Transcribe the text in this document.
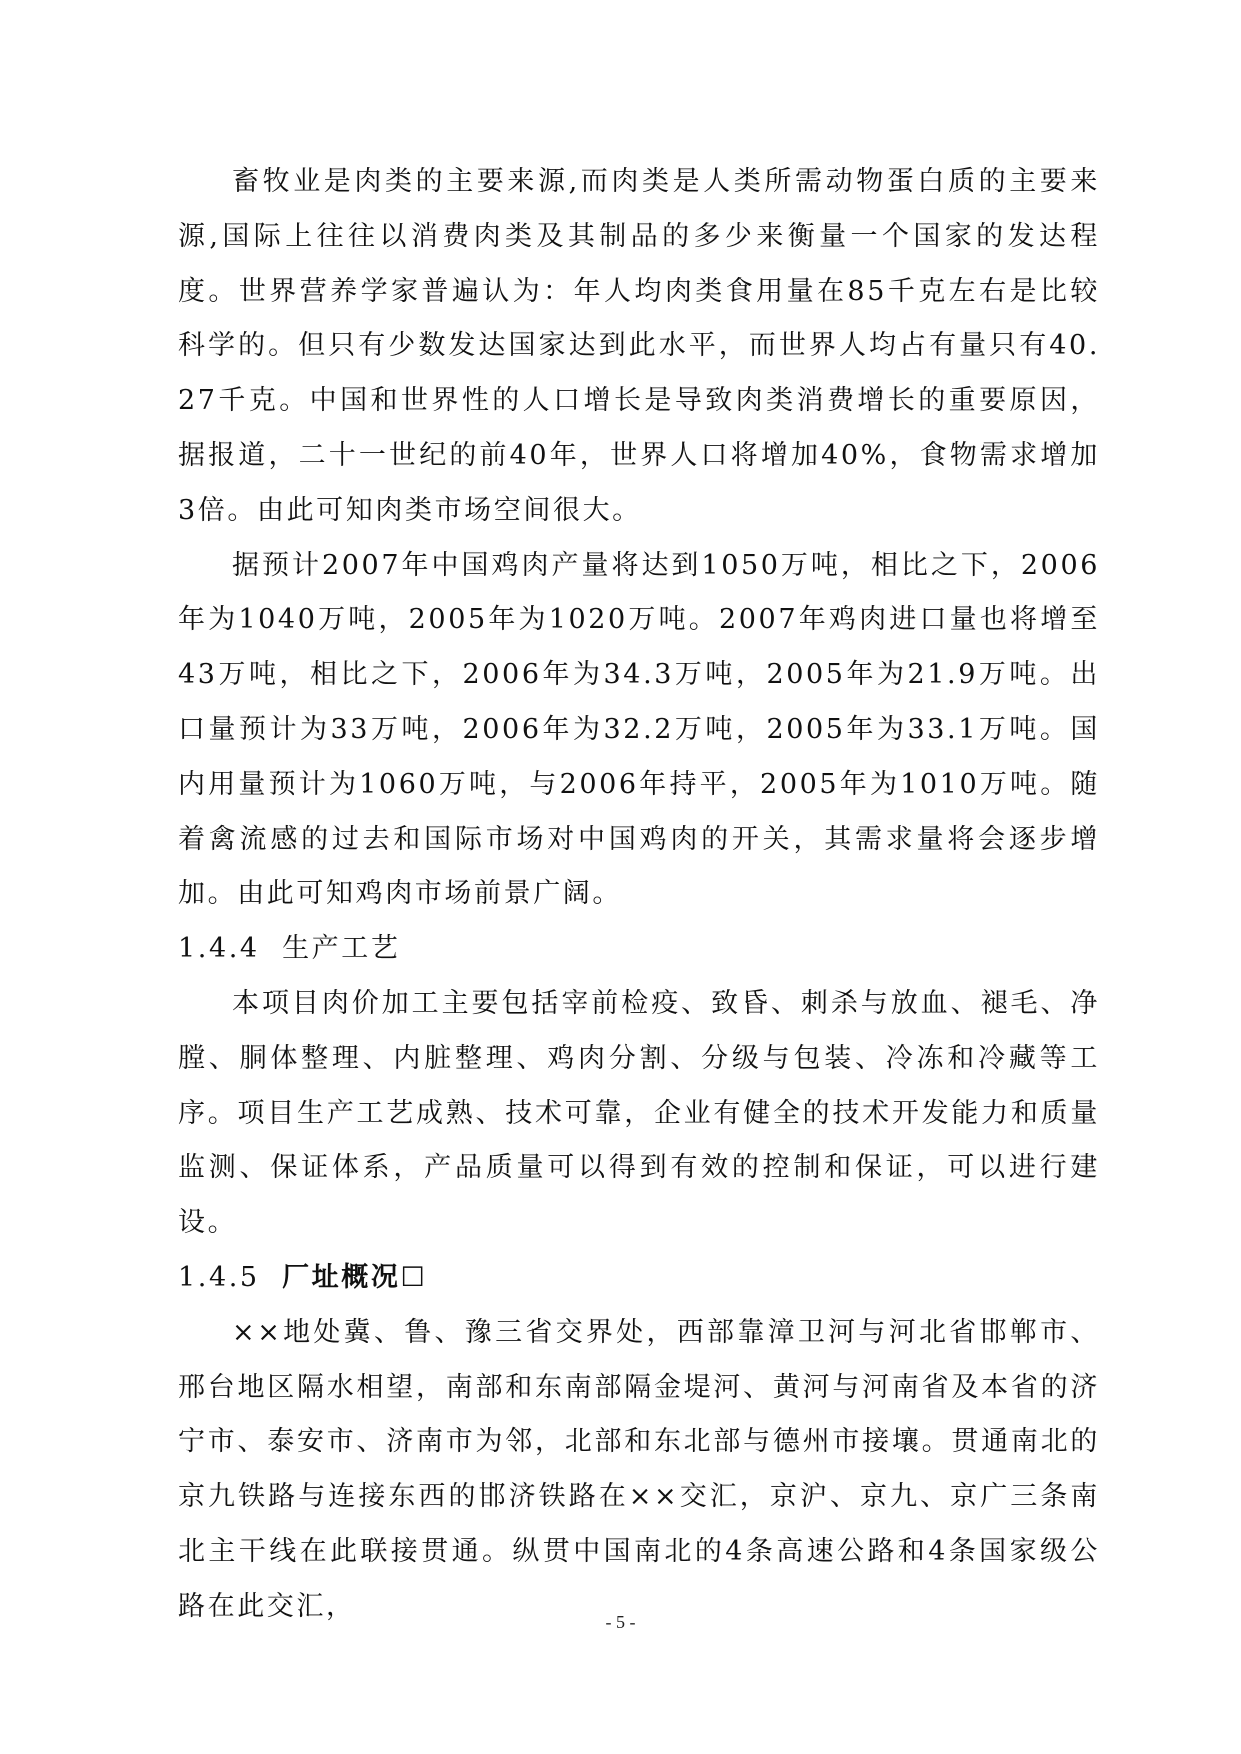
畜牧业是肉类的主要来源,而肉类是人类所需动物蛋白质的主要来源,国际上往往以消费肉类及其制品的多少来衡量一个国家的发达程度。世界营养学家普遍认为：年人均肉类食用量在85千克左右是比较科学的。但只有少数发达国家达到此水平，而世界人均占有量只有40.27千克。中国和世界性的人口增长是导致肉类消费增长的重要原因，据报道，二十一世纪的前40年，世界人口将增加40%，食物需求增加3倍。由此可知肉类市场空间很大。

据预计2007年中国鸡肉产量将达到1050万吨，相比之下，2006年为1040万吨，2005年为1020万吨。2007年鸡肉进口量也将增至43万吨，相比之下，2006年为34.3万吨，2005年为21.9万吨。出口量预计为33万吨，2006年为32.2万吨，2005年为33.1万吨。国内用量预计为1060万吨，与2006年持平，2005年为1010万吨。随着禽流感的过去和国际市场对中国鸡肉的开关，其需求量将会逐步增加。由此可知鸡肉市场前景广阔。

1.4.4 生产工艺

本项目肉价加工主要包括宰前检疫、致昏、刺杀与放血、褪毛、净膛、胴体整理、内脏整理、鸡肉分割、分级与包装、冷冻和冷藏等工序。项目生产工艺成熟、技术可靠，企业有健全的技术开发能力和质量监测、保证体系，产品质量可以得到有效的控制和保证，可以进行建设。

1.4.5 厂址概况☐

××地处冀、鲁、豫三省交界处，西部靠漳卫河与河北省邯郸市、邢台地区隔水相望，南部和东南部隔金堤河、黄河与河南省及本省的济宁市、泰安市、济南市为邻，北部和东北部与德州市接壤。贯通南北的京九铁路与连接东西的邯济铁路在××交汇，京沪、京九、京广三条南北主干线在此联接贯通。纵贯中国南北的4条高速公路和4条国家级公路在此交汇，

- 5 -
